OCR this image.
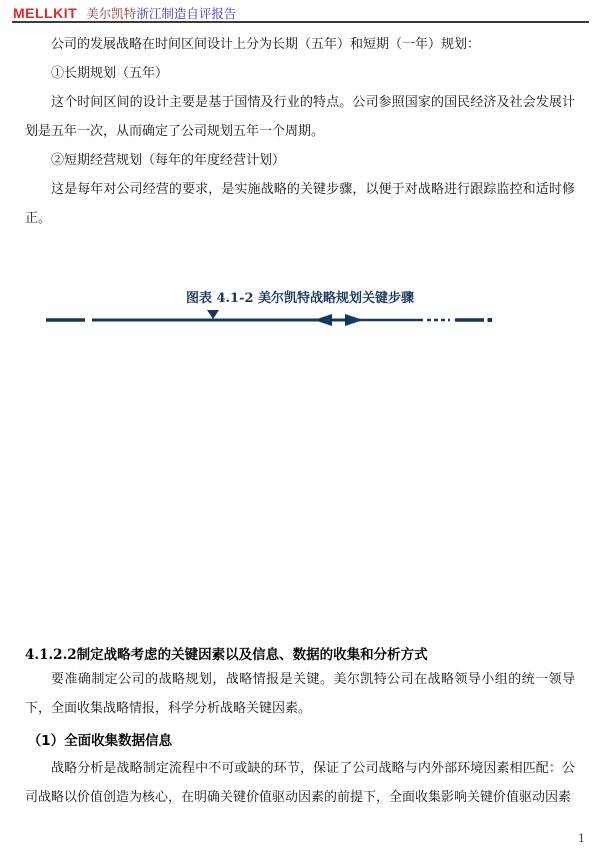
MELLKIT 美尔凯特浙江制造自评报告

公司的发展战略在时间区间设计上分为长期（五年）和短期（一年）规划：

①长期规划（五年）

这个时间区间的设计主要是基于国情及行业的特点。公司参照国家的国民经济及社会发展计划是五年一次，从而确定了公司规划五年一个周期。

②短期经营规划（每年的年度经营计划）

这是每年对公司经营的要求，是实施战略的关键步骤，以便于对战略进行跟踪监控和适时修正。

图表 4.1-2 美尔凯特战略规划关键步骤
4.1.2.2制定战略考虑的关键因素以及信息、数据的收集和分析方式

要准确制定公司的战略规划，战略情报是关键。美尔凯特公司在战略领导小组的统一领导下，全面收集战略情报，科学分析战略关键因素。

（1）全面收集数据信息

战略分析是战略制定流程中不可或缺的环节，保证了公司战略与内外部环境因素相匹配：公司战略以价值创造为核心，在明确关键价值驱动因素的前提下，全面收集影响关键价值驱动因素

1
